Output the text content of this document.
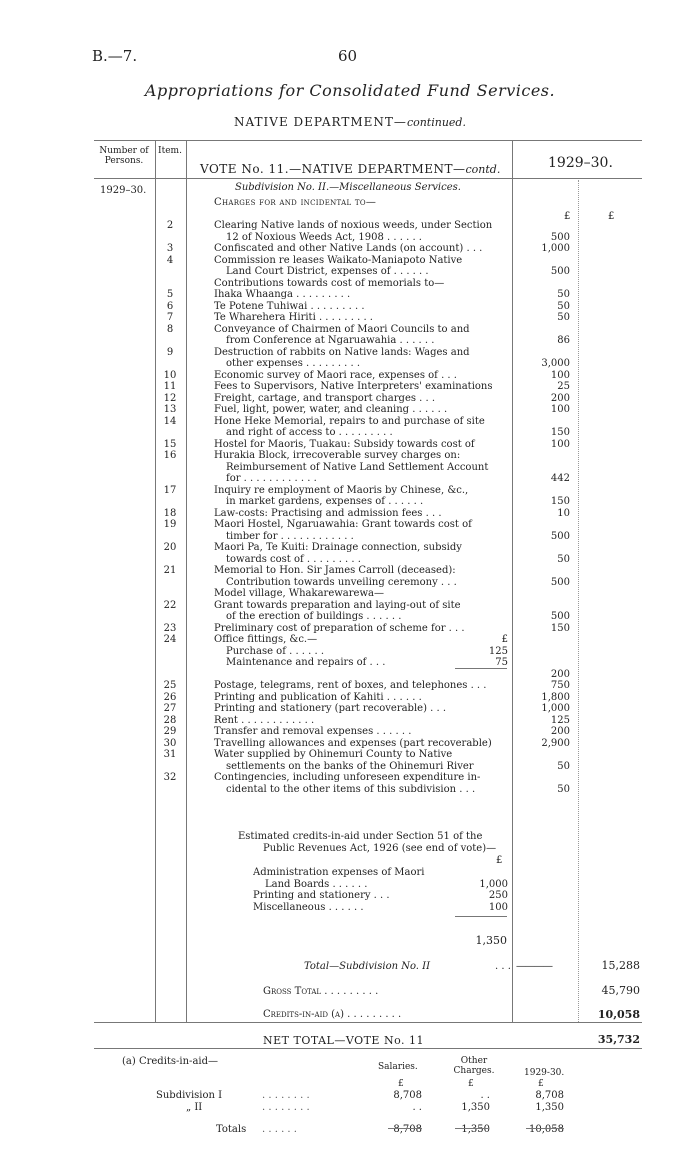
B.—7.	60
Appropriations for Consolidated Fund Services.
NATIVE DEPARTMENT—continued.
Number of Persons.
Item.
VOTE No. 11.—NATIVE DEPARTMENT—contd.	1929–30.
1929–30.	Subdivision No. II.—Miscellaneous Services.
Charges for and incidental to—
£	£
2	Clearing Native lands of noxious weeds, under Section
12 of Noxious Weeds Act, 1908 . . . . . .	500
3	Confiscated and other Native Lands (on account) . . .	1,000
4	Commission re leases Waikato-Maniapoto Native
Land Court District, expenses of . . . . . .	500
Contributions towards cost of memorials to—
5	Ihaka Whaanga . . . . . . . . .	50
6	Te Potene Tuhiwai . . . . . . . . .	50
7	Te Wharehera Hiriti . . . . . . . . .	50
8	Conveyance of Chairmen of Maori Councils to and
from Conference at Ngaruawahia . . . . . .	86
9	Destruction of rabbits on Native lands: Wages and
other expenses . . . . . . . . .	3,000
10	Economic survey of Maori race, expenses of . . .	100
11	Fees to Supervisors, Native Interpreters' examinations	25
12	Freight, cartage, and transport charges . . .	200
13	Fuel, light, power, water, and cleaning . . . . . .	100
14	Hone Heke Memorial, repairs to and purchase of site
and right of access to . . . . . . . . .	150
15	Hostel for Maoris, Tuakau: Subsidy towards cost of	100
16	Hurakia Block, irrecoverable survey charges on:
Reimbursement of Native Land Settlement Account
for . . . . . . . . . . . .	442
17	Inquiry re employment of Maoris by Chinese, &c.,
in market gardens, expenses of . . . . . .	150
18	Law-costs: Practising and admission fees . . .	10
19	Maori Hostel, Ngaruawahia: Grant towards cost of
timber for . . . . . . . . . . . .	500
20	Maori Pa, Te Kuiti: Drainage connection, subsidy
towards cost of . . . . . . . . .	50
21	Memorial to Hon. Sir James Carroll (deceased):
Contribution towards unveiling ceremony . . .	500
Model village, Whakarewarewa—
22	Grant towards preparation and laying-out of site
of the erection of buildings . . . . . .	500
23	Preliminary cost of preparation of scheme for . . .	150
24	Office fittings, &c.—	£
Purchase of . . . . . .	125
Maintenance and repairs of . . .	75
200
25	Postage, telegrams, rent of boxes, and telephones . . .	750
26	Printing and publication of Kahiti . . . . . .	1,800
27	Printing and stationery (part recoverable) . . .	1,000
28	Rent . . . . . . . . . . . .	125
29	Transfer and removal expenses . . . . . .	200
30	Travelling allowances and expenses (part recoverable)	2,900
31	Water supplied by Ohinemuri County to Native
settlements on the banks of the Ohinemuri River	50
32	Contingencies, including unforeseen expenditure in-
cidental to the other items of this subdivision . . .	50
Estimated credits-in-aid under Section 51 of the
Public Revenues Act, 1926 (see end of vote)—
£
Administration expenses of Maori
Land Boards . . . . . .	1,000
Printing and stationery . . .	250
Miscellaneous . . . . . .	100
1,350
Total—Subdivision No. II	. . . ————	15,288
Gross Total . . . . . . . . .	45,790
Credits-in-aid (a) . . . . . . . . .	10,058
NET TOTAL—VOTE No. 11	35,732
(a) Credits-in-aid—	Salaries.
Other Charges.	1929-30.
£	£	£
Subdivision I	. . . . . . . .	8,708	. .	8,708
„ II	. . . . . . . .	. .	1,350	1,350
Totals . . . . . .	8,708	1,350	10,058
